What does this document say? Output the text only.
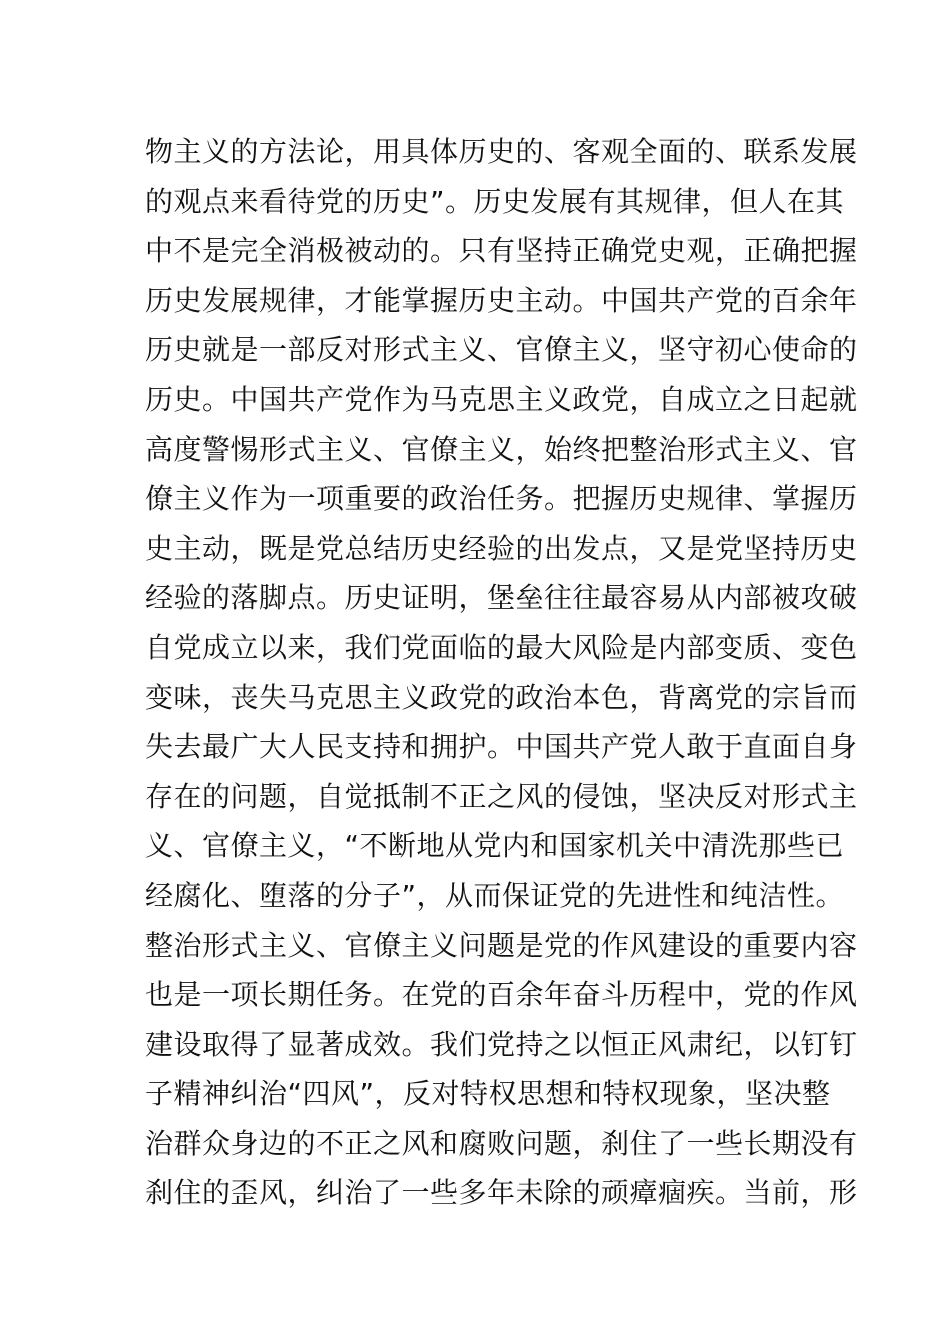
物主义的方法论，用具体历史的、客观全面的、联系发展
的观点来看待党的历史”。历史发展有其规律，但人在其
中不是完全消极被动的。只有坚持正确党史观，正确把握
历史发展规律，才能掌握历史主动。中国共产党的百余年
历史就是一部反对形式主义、官僚主义，坚守初心使命的
历史。中国共产党作为马克思主义政党，自成立之日起就
高度警惕形式主义、官僚主义，始终把整治形式主义、官
僚主义作为一项重要的政治任务。把握历史规律、掌握历
史主动，既是党总结历史经验的出发点，又是党坚持历史
经验的落脚点。历史证明，堡垒往往最容易从内部被攻破
自党成立以来，我们党面临的最大风险是内部变质、变色
变味，丧失马克思主义政党的政治本色，背离党的宗旨而
失去最广大人民支持和拥护。中国共产党人敢于直面自身
存在的问题，自觉抵制不正之风的侵蚀，坚决反对形式主
义、官僚主义，“不断地从党内和国家机关中清洗那些已
经腐化、堕落的分子”，从而保证党的先进性和纯洁性。
整治形式主义、官僚主义问题是党的作风建设的重要内容
也是一项长期任务。在党的百余年奋斗历程中，党的作风
建设取得了显著成效。我们党持之以恒正风肃纪，以钉钉
子精神纠治“四风”，反对特权思想和特权现象，坚决整
治群众身边的不正之风和腐败问题，刹住了一些长期没有
刹住的歪风，纠治了一些多年未除的顽瘴痼疾。当前，形
